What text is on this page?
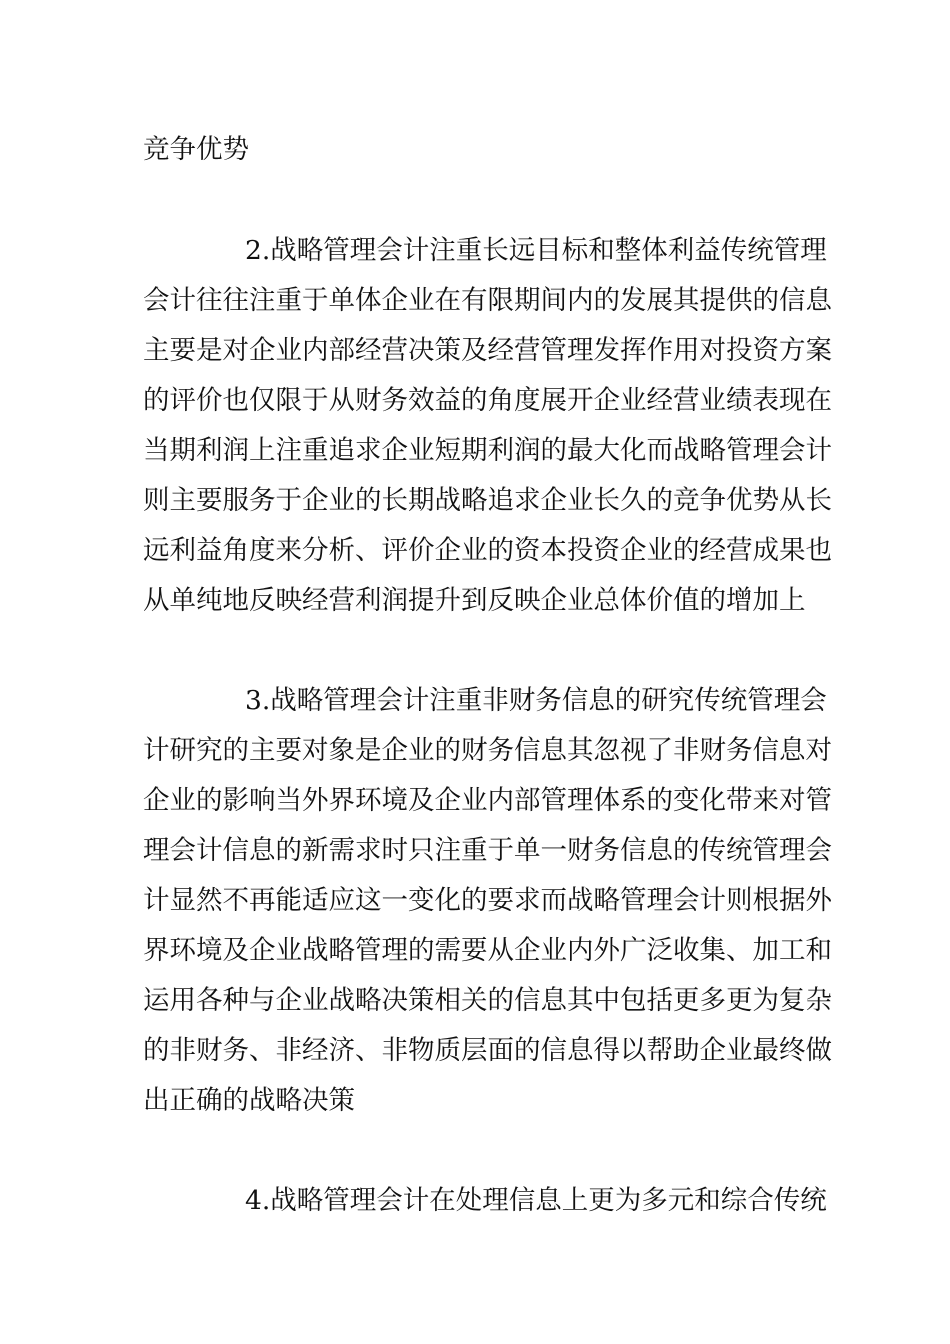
竞争优势
2.战略管理会计注重长远目标和整体利益传统管理
会计往往注重于单体企业在有限期间内的发展其提供的信息
主要是对企业内部经营决策及经营管理发挥作用对投资方案
的评价也仅限于从财务效益的角度展开企业经营业绩表现在
当期利润上注重追求企业短期利润的最大化而战略管理会计
则主要服务于企业的长期战略追求企业长久的竞争优势从长
远利益角度来分析、评价企业的资本投资企业的经营成果也
从单纯地反映经营利润提升到反映企业总体价值的增加上
3.战略管理会计注重非财务信息的研究传统管理会
计研究的主要对象是企业的财务信息其忽视了非财务信息对
企业的影响当外界环境及企业内部管理体系的变化带来对管
理会计信息的新需求时只注重于单一财务信息的传统管理会
计显然不再能适应这一变化的要求而战略管理会计则根据外
界环境及企业战略管理的需要从企业内外广泛收集、加工和
运用各种与企业战略决策相关的信息其中包括更多更为复杂
的非财务、非经济、非物质层面的信息得以帮助企业最终做
出正确的战略决策
4.战略管理会计在处理信息上更为多元和综合传统
